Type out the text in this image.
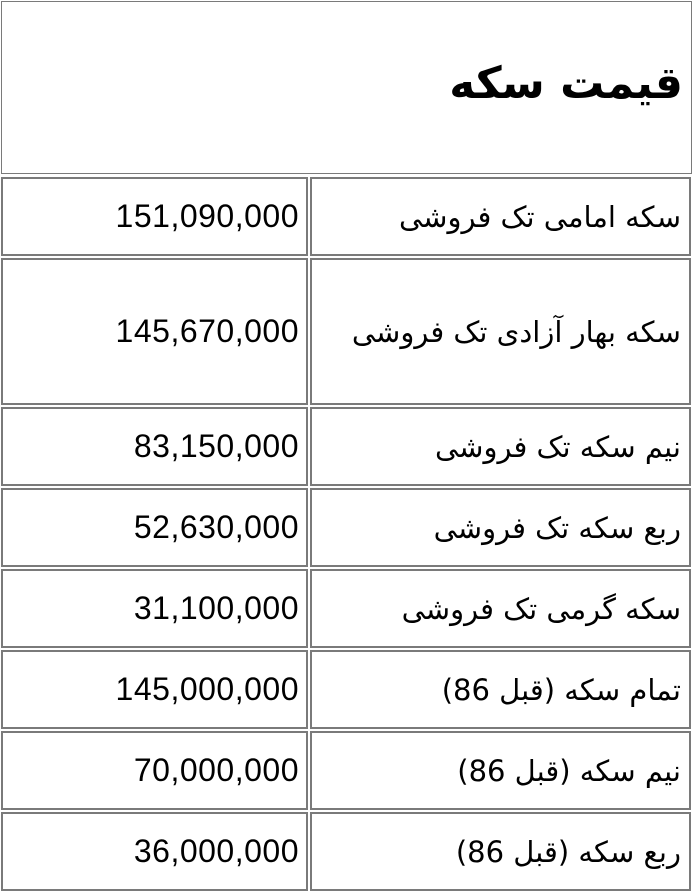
قیمت سکه
151,090,000	سکه امامی تک فروشی
145,670,000	سکه بهار آزادی تک فروشی
83,150,000	نیم سکه تک فروشی
52,630,000	ربع سکه تک فروشی
31,100,000	سکه گرمی تک فروشی
145,000,000	تمام سکه (قبل 86)
70,000,000	نیم سکه (قبل 86)
36,000,000	ربع سکه (قبل 86)
